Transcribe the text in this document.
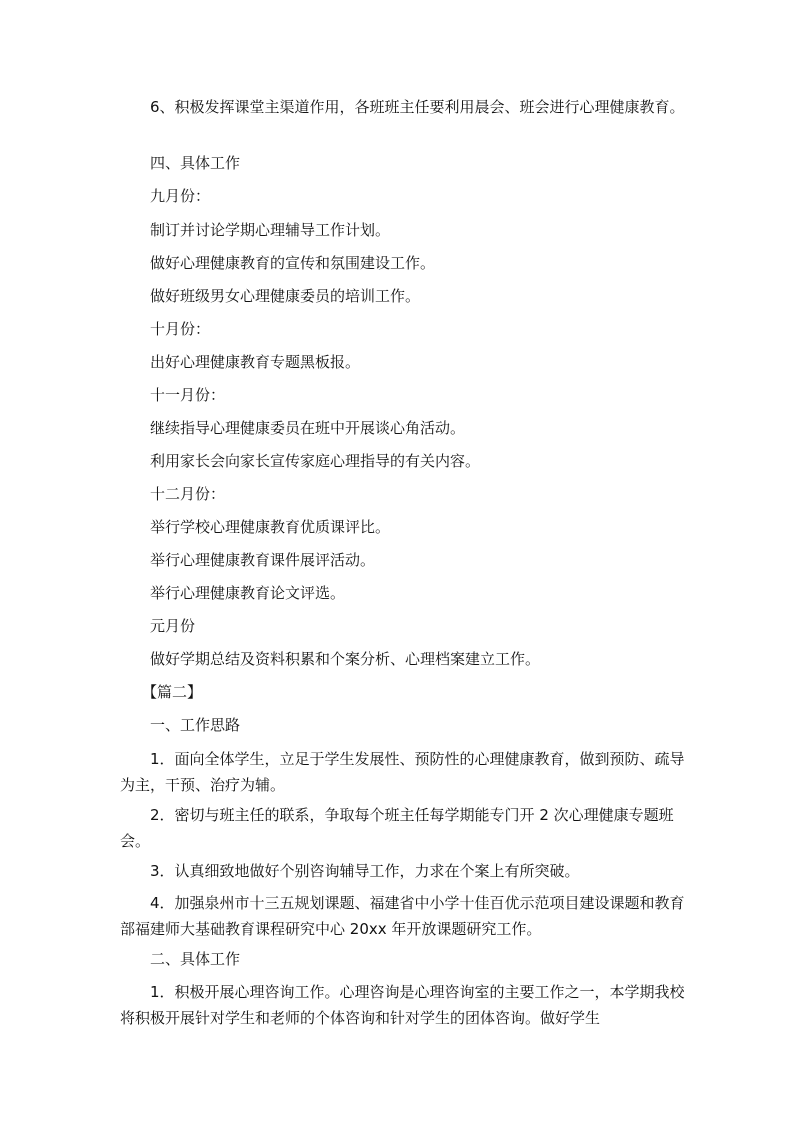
6、积极发挥课堂主渠道作用，各班班主任要利用晨会、班会进行心理健康教育。

四、具体工作

九月份：

制订并讨论学期心理辅导工作计划。

做好心理健康教育的宣传和氛围建设工作。

做好班级男女心理健康委员的培训工作。

十月份：

出好心理健康教育专题黑板报。

十一月份：

继续指导心理健康委员在班中开展谈心角活动。

利用家长会向家长宣传家庭心理指导的有关内容。

十二月份：

举行学校心理健康教育优质课评比。

举行心理健康教育课件展评活动。

举行心理健康教育论文评选。

元月份

做好学期总结及资料积累和个案分析、心理档案建立工作。

【篇二】

一、工作思路

1．面向全体学生，立足于学生发展性、预防性的心理健康教育，做到预防、疏导为主，干预、治疗为辅。

2．密切与班主任的联系，争取每个班主任每学期能专门开 2 次心理健康专题班会。

3．认真细致地做好个别咨询辅导工作，力求在个案上有所突破。

4．加强泉州市十三五规划课题、福建省中小学十佳百优示范项目建设课题和教育部福建师大基础教育课程研究中心 20xx 年开放课题研究工作。

二、具体工作

1．积极开展心理咨询工作。心理咨询是心理咨询室的主要工作之一，本学期我校将积极开展针对学生和老师的个体咨询和针对学生的团体咨询。做好学生
